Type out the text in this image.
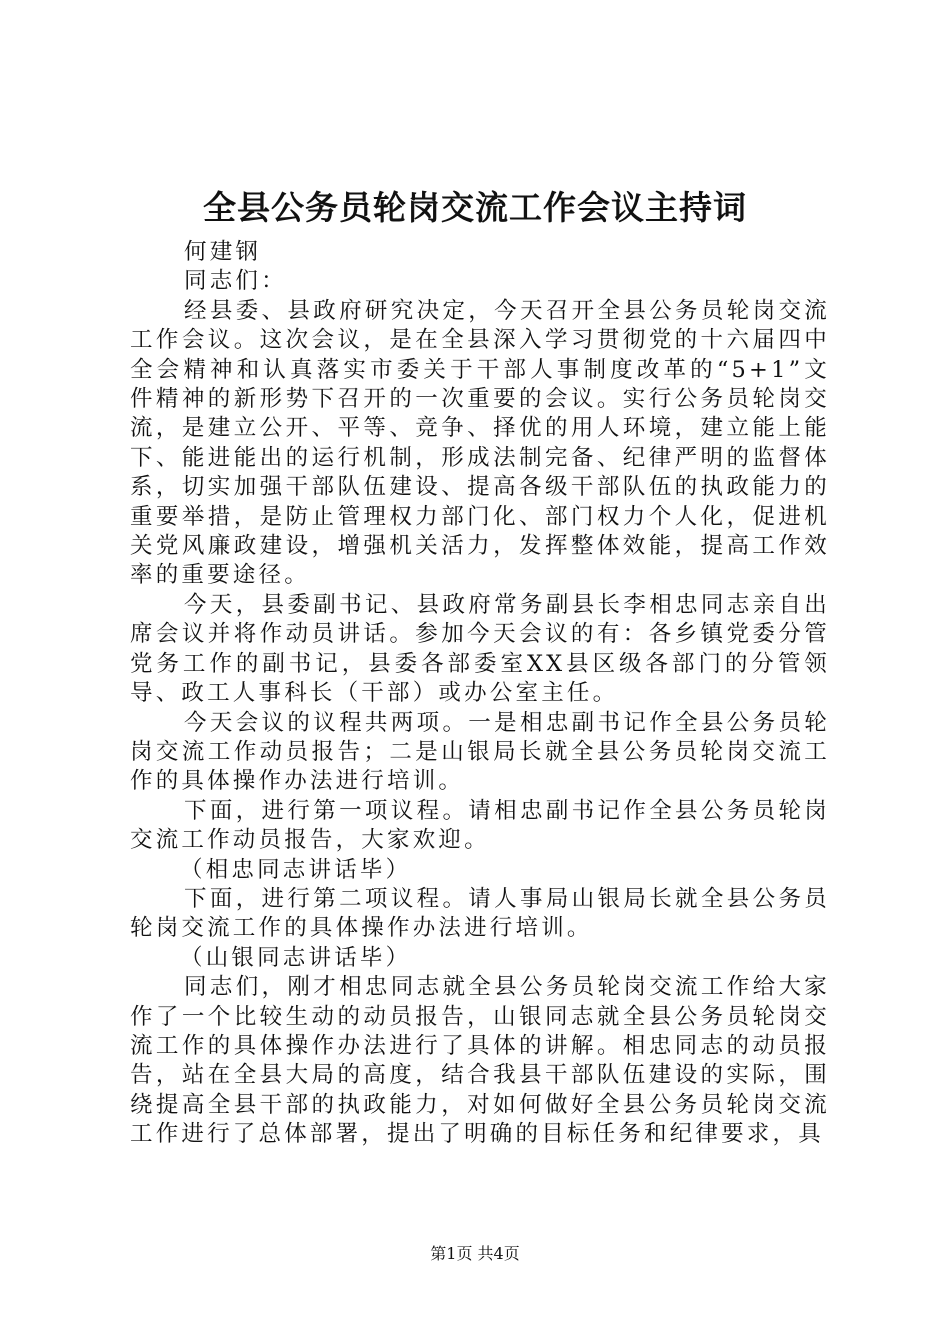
全县公务员轮岗交流工作会议主持词

何建钢

同志们：

经县委、县政府研究决定，今天召开全县公务员轮岗交流工作会议。这次会议，是在全县深入学习贯彻党的十六届四中全会精神和认真落实市委关于干部人事制度改革的“5+1”文件精神的新形势下召开的一次重要的会议。实行公务员轮岗交流，是建立公开、平等、竞争、择优的用人环境，建立能上能下、能进能出的运行机制，形成法制完备、纪律严明的监督体系，切实加强干部队伍建设、提高各级干部队伍的执政能力的重要举措，是防止管理权力部门化、部门权力个人化，促进机关党风廉政建设，增强机关活力，发挥整体效能，提高工作效率的重要途径。

今天，县委副书记、县政府常务副县长李相忠同志亲自出席会议并将作动员讲话。参加今天会议的有：各乡镇党委分管党务工作的副书记，县委各部委室XX县区级各部门的分管领导、政工人事科长（干部）或办公室主任。

今天会议的议程共两项。一是相忠副书记作全县公务员轮岗交流工作动员报告；二是山银局长就全县公务员轮岗交流工作的具体操作办法进行培训。

下面，进行第一项议程。请相忠副书记作全县公务员轮岗交流工作动员报告，大家欢迎。

（相忠同志讲话毕）

下面，进行第二项议程。请人事局山银局长就全县公务员轮岗交流工作的具体操作办法进行培训。

（山银同志讲话毕）

同志们，刚才相忠同志就全县公务员轮岗交流工作给大家作了一个比较生动的动员报告，山银同志就全县公务员轮岗交流工作的具体操作办法进行了具体的讲解。相忠同志的动员报告，站在全县大局的高度，结合我县干部队伍建设的实际，围绕提高全县干部的执政能力，对如何做好全县公务员轮岗交流工作进行了总体部署，提出了明确的目标任务和纪律要求，具

第1页 共4页
